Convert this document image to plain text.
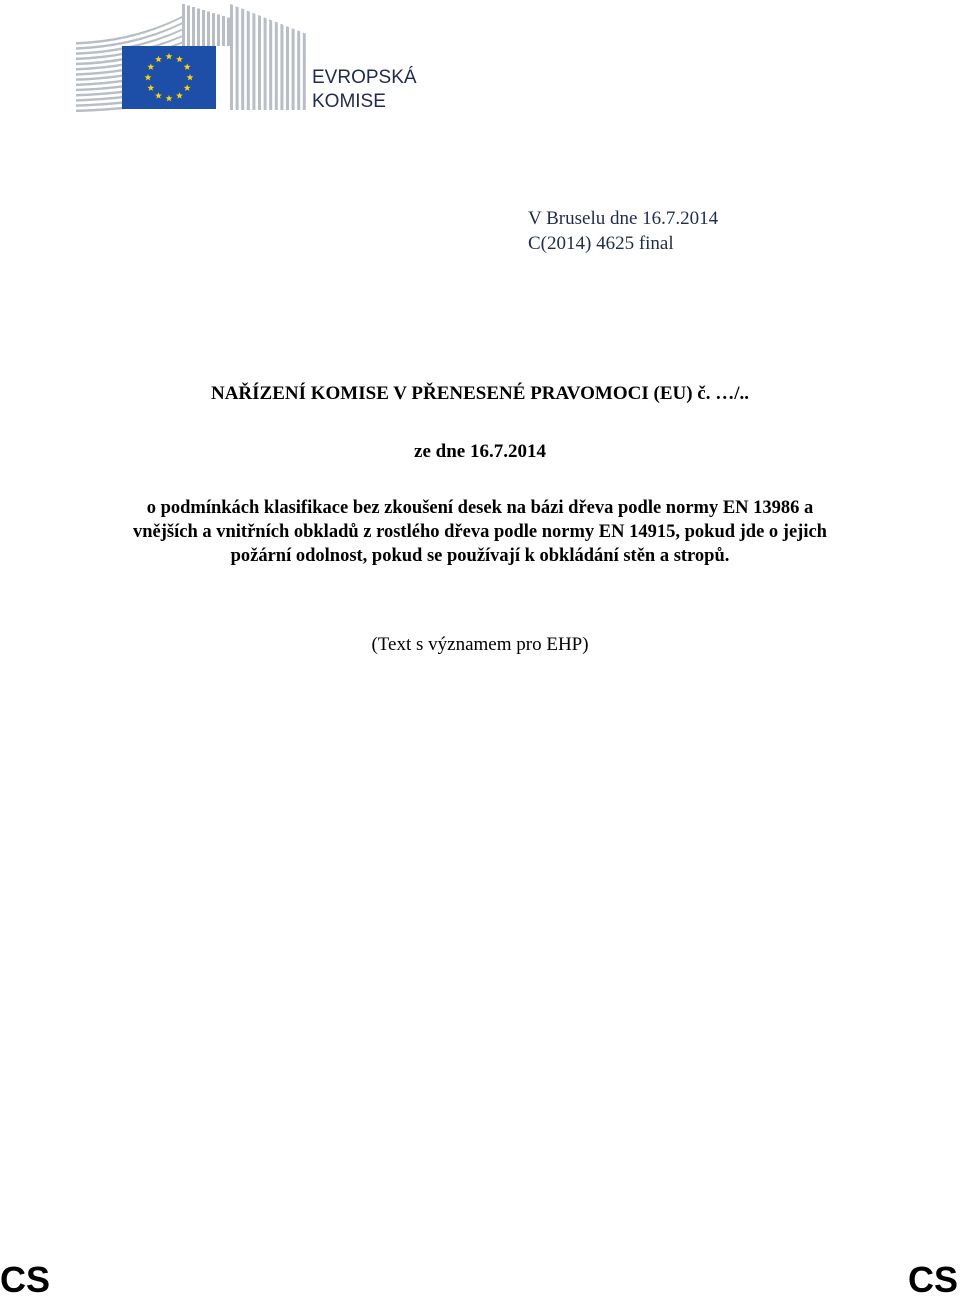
EVROPSKÁ
KOMISE
V Bruselu dne 16.7.2014
C(2014) 4625 final
NAŘÍZENÍ KOMISE V PŘENESENÉ PRAVOMOCI (EU) č. …/..
ze dne 16.7.2014
o podmínkách klasifikace bez zkoušení desek na bázi dřeva podle normy EN 13986 a
vnějších a vnitřních obkladů z rostlého dřeva podle normy EN 14915, pokud jde o jejich
požární odolnost, pokud se používají k obkládání stěn a stropů.
(Text s významem pro EHP)
CS	CS
